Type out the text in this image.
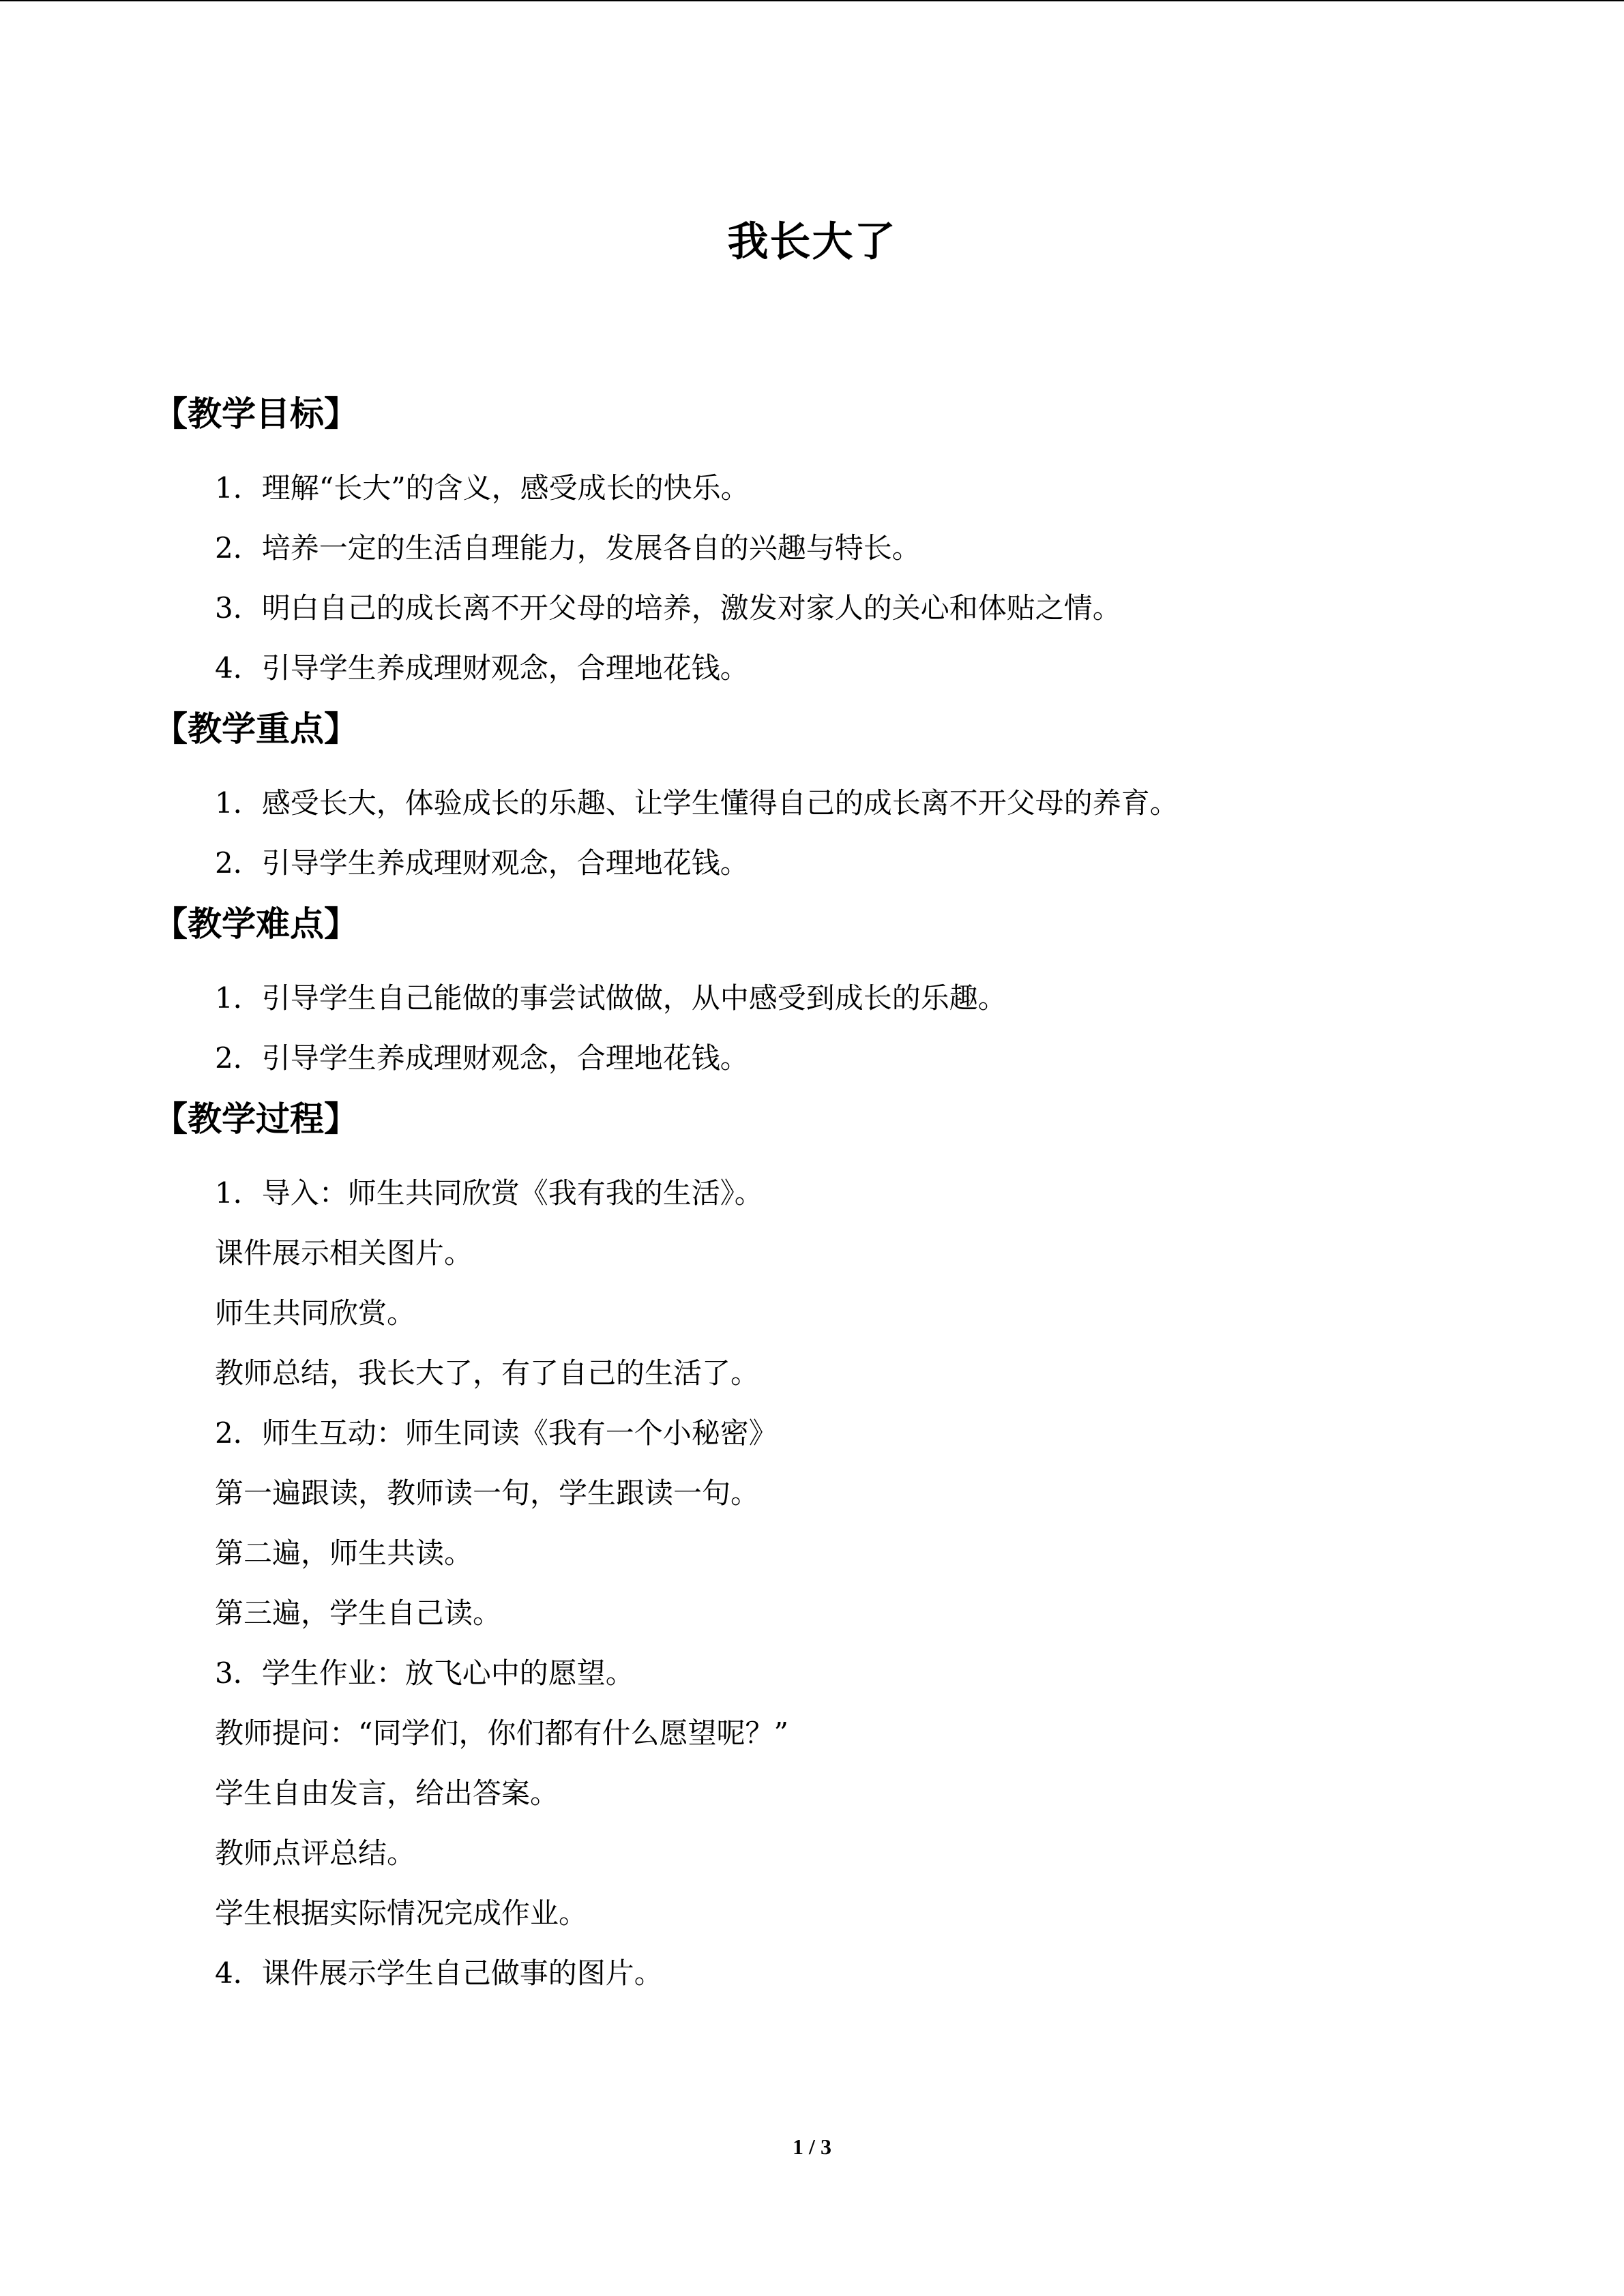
我长大了
【教学目标】
1．理解“长大”的含义，感受成长的快乐。
2．培养一定的生活自理能力，发展各自的兴趣与特长。
3．明白自己的成长离不开父母的培养，激发对家人的关心和体贴之情。
4．引导学生养成理财观念，合理地花钱。
【教学重点】
1．感受长大，体验成长的乐趣、让学生懂得自己的成长离不开父母的养育。
2．引导学生养成理财观念，合理地花钱。
【教学难点】
1．引导学生自己能做的事尝试做做，从中感受到成长的乐趣。
2．引导学生养成理财观念，合理地花钱。
【教学过程】
1．导入：师生共同欣赏《我有我的生活》。
课件展示相关图片。
师生共同欣赏。
教师总结，我长大了，有了自己的生活了。
2．师生互动：师生同读《我有一个小秘密》
第一遍跟读，教师读一句，学生跟读一句。
第二遍，师生共读。
第三遍，学生自己读。
3．学生作业：放飞心中的愿望。
教师提问：“同学们，你们都有什么愿望呢？”
学生自由发言，给出答案。
教师点评总结。
学生根据实际情况完成作业。
4．课件展示学生自己做事的图片。
1 / 3
